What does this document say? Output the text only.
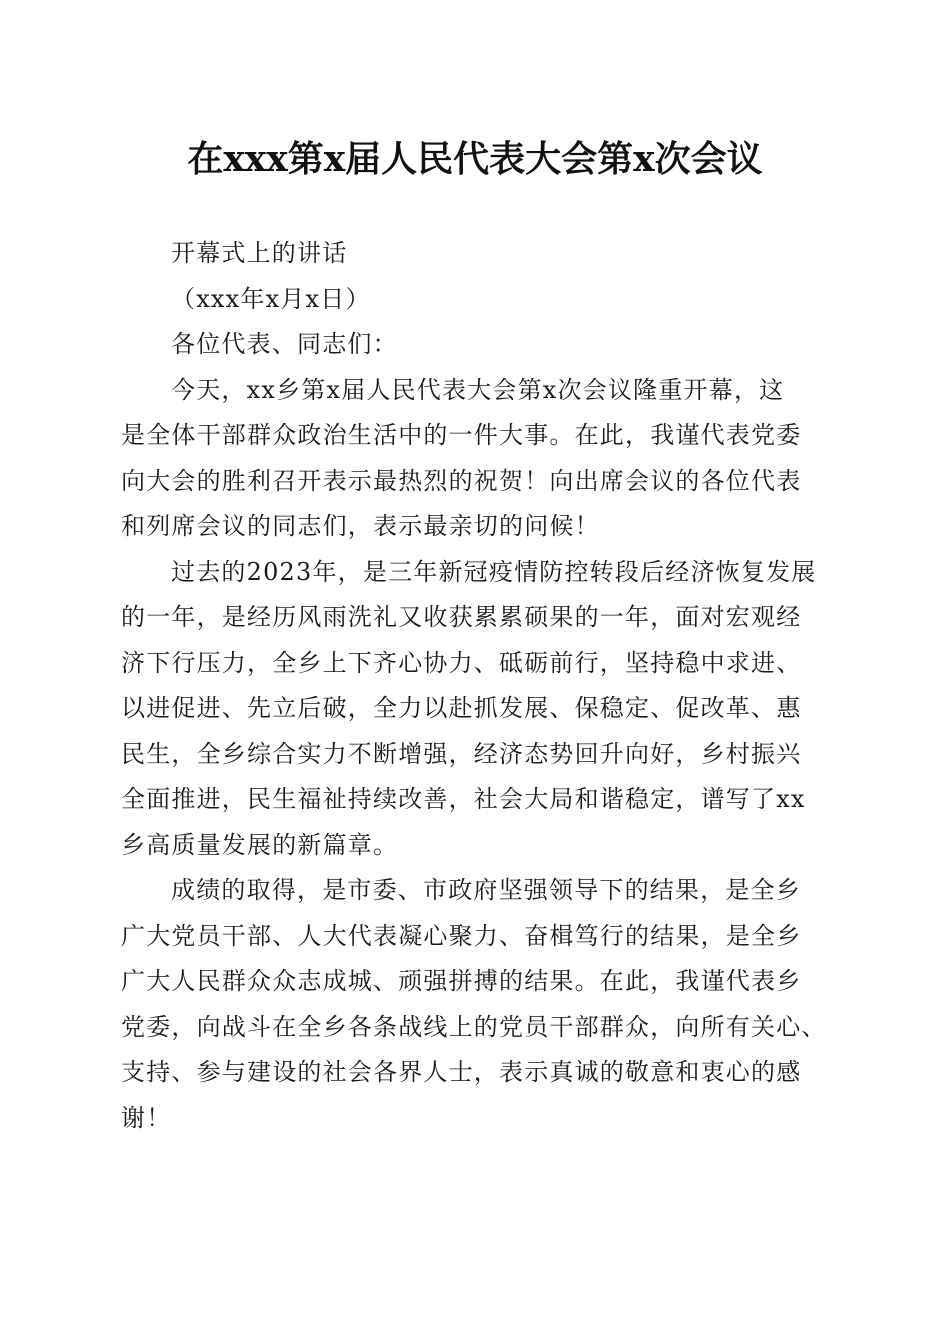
在xxx第x届人民代表大会第x次会议
开幕式上的讲话
（xxx年x月x日）
各位代表、同志们：
今天，xx乡第x届人民代表大会第x次会议隆重开幕，这
是全体干部群众政治生活中的一件大事。在此，我谨代表党委
向大会的胜利召开表示最热烈的祝贺！向出席会议的各位代表
和列席会议的同志们，表示最亲切的问候！
过去的2023年，是三年新冠疫情防控转段后经济恢复发展
的一年，是经历风雨洗礼又收获累累硕果的一年，面对宏观经
济下行压力，全乡上下齐心协力、砥砺前行，坚持稳中求进、
以进促进、先立后破，全力以赴抓发展、保稳定、促改革、惠
民生，全乡综合实力不断增强，经济态势回升向好，乡村振兴
全面推进，民生福祉持续改善，社会大局和谐稳定，谱写了xx
乡高质量发展的新篇章。
成绩的取得，是市委、市政府坚强领导下的结果，是全乡
广大党员干部、人大代表凝心聚力、奋楫笃行的结果，是全乡
广大人民群众众志成城、顽强拼搏的结果。在此，我谨代表乡
党委，向战斗在全乡各条战线上的党员干部群众，向所有关心、
支持、参与建设的社会各界人士，表示真诚的敬意和衷心的感
谢！
